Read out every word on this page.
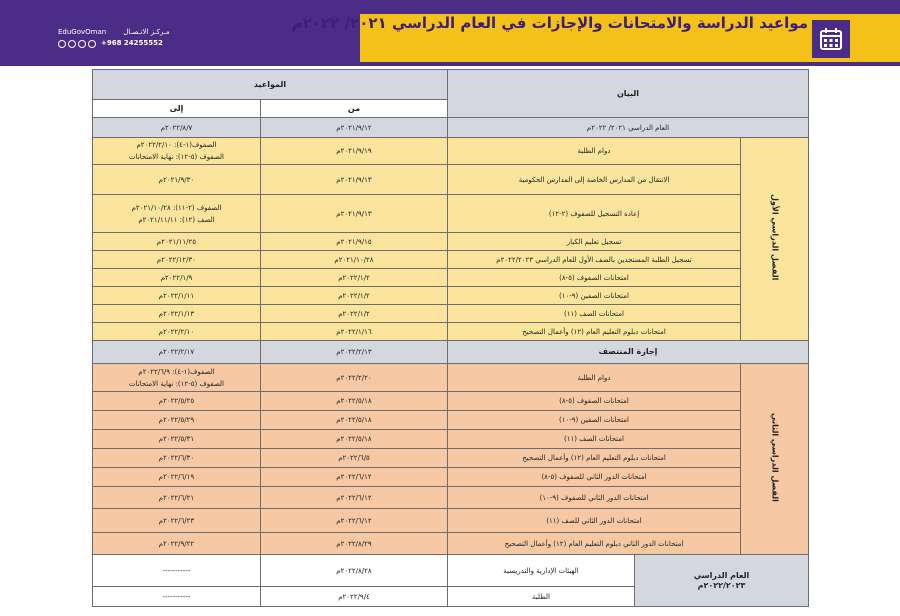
مواعيد الدراسة والامتحانات والإجازات في العام الدراسي ٢٠٢١/ ٢٠٢٢م
EduGovOman مـركـز الاتـصـال
+968 24255552
البيان			المواعيد	
			من	إلى
العام الدراسي ٢٠٢١/ ٢٠٢٢م			٢٠٢١/٩/١٢م	٢٠٢٢/٨/٧م
الفصل الدراسي الأول	دوام الطلبة		٢٠٢١/٩/١٩م	الصفوف(١-٤): ٢٠٢٢/٢/١٠م
الصفوف (٥-١٢): نهاية الامتحانات

	الانتقال من المدارس الخاصة إلى المدارس الحكومية		٢٠٢١/٩/١٣م	٢٠٢١/٩/٣٠م
	إعادة التسجيل للصفوف (٢-١٢)		٢٠٢١/٩/١٣م	الصفوف (٢-١١): ٢٠٢١/١٠/٢٨م
الصف (١٢): ٢٠٢١/١١/١١م

	تسجيل تعليم الكبار		٢٠٢١/٩/١٥م	٢٠٢١/١١/٢٥م
	تسجيل الطلبة المستجدين بالصف الأول للعام الدراسي ٢٠٢٢/٢٠٢٣م		٢٠٢١/١٠/٢٨م	٢٠٢٢/١٢/٣٠م
	امتحانات الصفوف (٥-٨)		٢٠٢٢/١/٢م	٢٠٢٢/١/٩م
	امتحانات الصفين (٩-١٠)		٢٠٢٢/١/٢م	٢٠٢٢/١/١١م
	امتحانات الصف (١١)		٢٠٢٢/١/٢م	٢٠٢٢/١/١٣م
	امتحانات دبلوم التعليم العام (١٢) وأعمال التصحيح		٢٠٢٢/١/١٦م	٢٠٢٢/٢/١٠م
إجازة المنتصف			٢٠٢٢/٢/١٣م	٢٠٢٢/٢/١٧م
الفصل الدراسي الثاني	دوام الطلبة		٢٠٢٢/٢/٢٠م	الصفوف(١-٤): ٢٠٢٢/٦/٩م
الصفوف (٥-١٢): نهاية الامتحانات

	امتحانات الصفوف (٥-٨)		٢٠٢٢/٥/١٨م	٢٠٢٢/٥/٢٥م
	امتحانات الصفين (٩-١٠)		٢٠٢٢/٥/١٨م	٢٠٢٢/٥/٢٩م
	امتحانات الصف (١١)		٢٠٢٢/٥/١٨م	٢٠٢٢/٥/٣١م
	امتحانات دبلوم التعليم العام (١٢) وأعمال التصحيح		٢٠٢٢/٦/٥م	٢٠٢٢/٦/٣٠م
	امتحانات الدور الثاني للصفوف (٥-٨)		٢٠٢٢/٦/١٢م	٢٠٢٢/٦/١٩م
	امتحانات الدور الثاني للصفوف (٩-١٠)		٢٠٢٢/٦/١٢م	٢٠٢٢/٦/٢١م
	امتحانات الدور الثاني للصف (١١)		٢٠٢٢/٦/١٢م	٢٠٢٢/٦/٢٣م
	امتحانات الدور الثاني دبلوم التعليم العام (١٢) وأعمال التصحيح		٢٠٢٢/٨/٢٩م	٢٠٢٢/٩/٢٢م

العام الدراسي
٢٠٢٢/٢٠٢٣م		الهيئات الإدارية والتدريسية	٢٠٢٢/٨/٢٨م	-----------
		الطلبة	٢٠٢٢/٩/٤م	-----------
